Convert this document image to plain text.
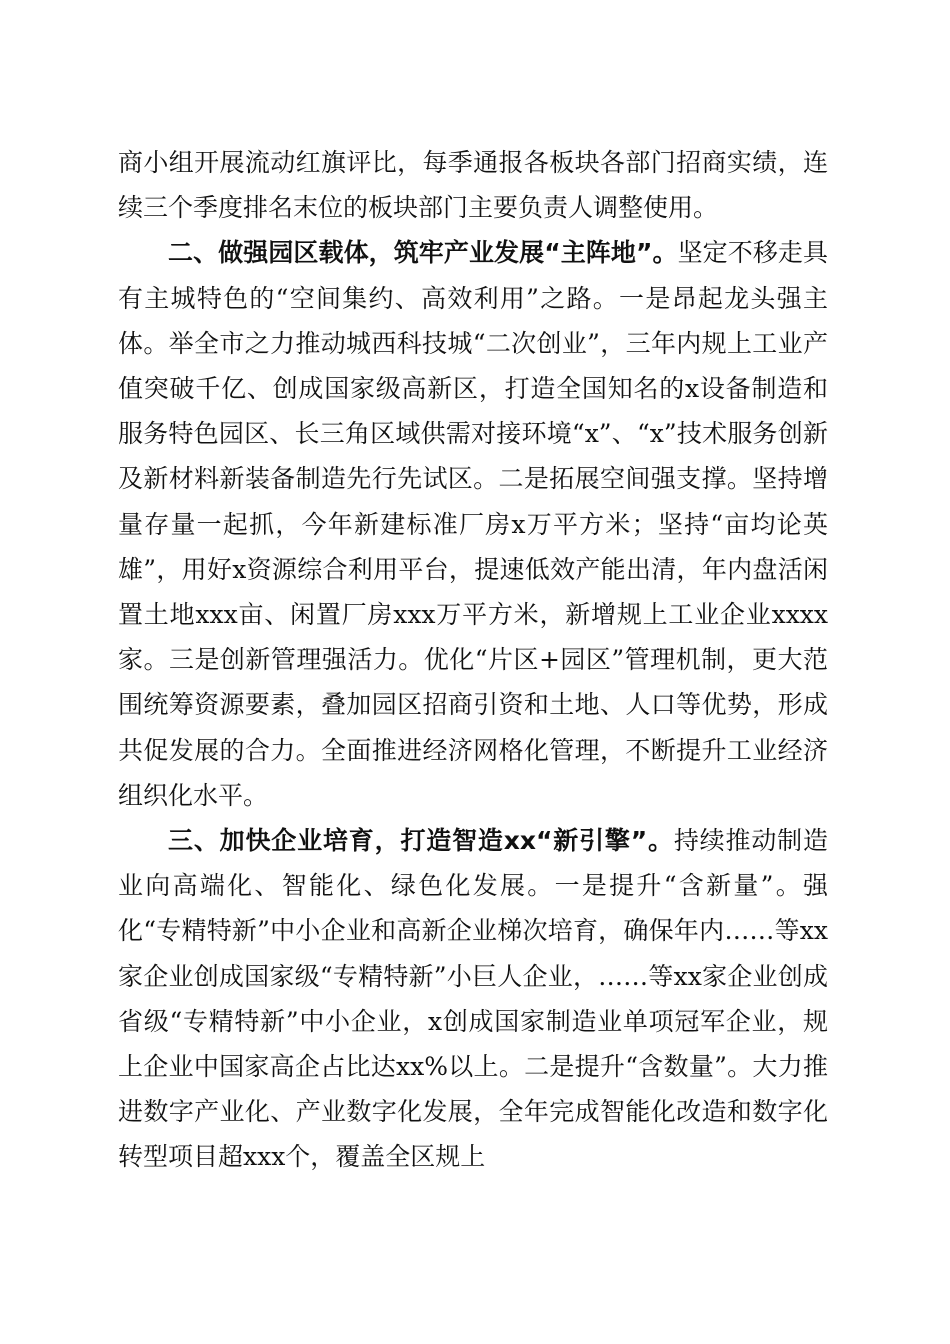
商小组开展流动红旗评比，每季通报各板块各部门招商实绩，连续三个季度排名末位的板块部门主要负责人调整使用。

二、做强园区载体，筑牢产业发展“主阵地”。坚定不移走具有主城特色的“空间集约、高效利用”之路。一是昂起龙头强主体。举全市之力推动城西科技城“二次创业”，三年内规上工业产值突破千亿、创成国家级高新区，打造全国知名的x设备制造和服务特色园区、长三角区域供需对接环境“x”、“x”技术服务创新及新材料新装备制造先行先试区。二是拓展空间强支撑。坚持增量存量一起抓，今年新建标准厂房x万平方米；坚持“亩均论英雄”，用好x资源综合利用平台，提速低效产能出清，年内盘活闲置土地xxx亩、闲置厂房xxx万平方米，新增规上工业企业xxxx家。三是创新管理强活力。优化“片区+园区”管理机制，更大范围统筹资源要素，叠加园区招商引资和土地、人口等优势，形成共促发展的合力。全面推进经济网格化管理，不断提升工业经济组织化水平。

三、加快企业培育，打造智造xx“新引擎”。持续推动制造业向高端化、智能化、绿色化发展。一是提升“含新量”。强化“专精特新”中小企业和高新企业梯次培育，确保年内……等xx家企业创成国家级“专精特新”小巨人企业，……等xx家企业创成省级“专精特新”中小企业，x创成国家制造业单项冠军企业，规上企业中国家高企占比达xx%以上。二是提升“含数量”。大力推进数字产业化、产业数字化发展，全年完成智能化改造和数字化转型项目超xxx个，覆盖全区规上
